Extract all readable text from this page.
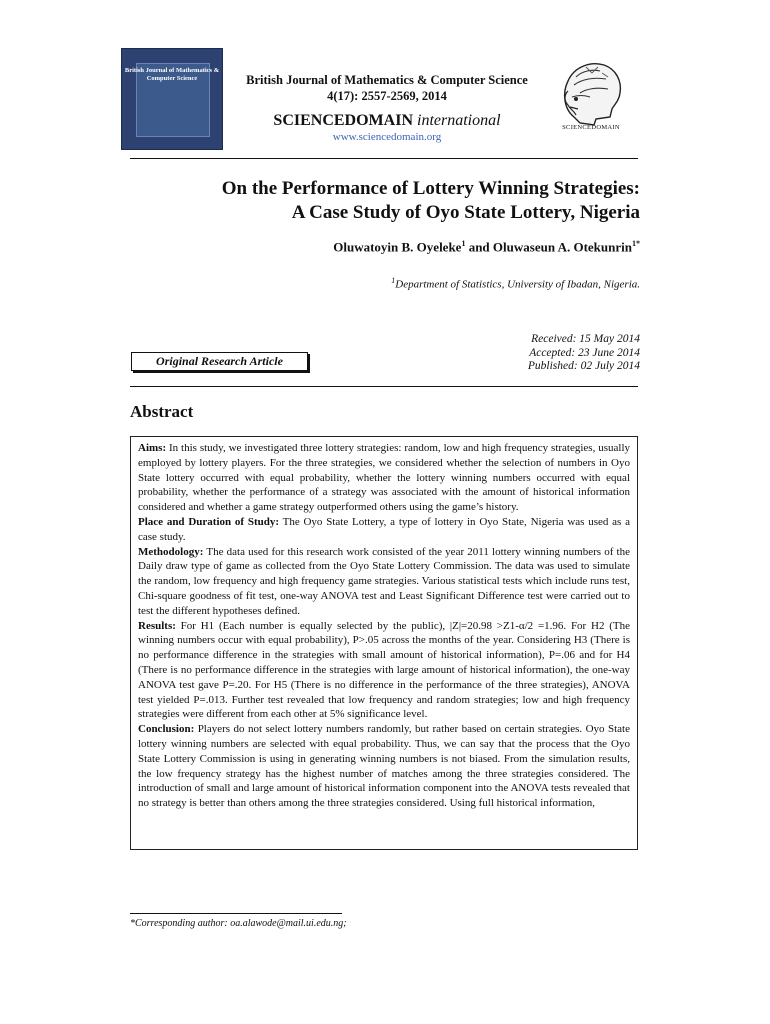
British Journal of Mathematics & Computer Science	British Journal of Mathematics & Computer Science
4(17): 2557-2569, 2014
SCIENCEDOMAIN international
www.sciencedomain.org
SCIENCEDOMAIN
On the Performance of Lottery Winning Strategies:
A Case Study of Oyo State Lottery, Nigeria
Oluwatoyin B. Oyeleke$^1$ and Oluwaseun A. Otekunrin$^{1*}$
$^1$Department of Statistics, University of Ibadan, Nigeria.
Original Research Article
Received: 15 May 2014
Accepted: 23 June 2014
Published: 02 July 2014
Abstract

Aims: In this study, we investigated three lottery strategies: random, low and high frequency strategies, usually employed by lottery players. For the three strategies, we considered whether the selection of numbers in Oyo State lottery occurred with equal probability, whether the lottery winning numbers occurred with equal probability, whether the performance of a strategy was associated with the amount of historical information considered and whether a game strategy outperformed others using the game’s history.

Place and Duration of Study: The Oyo State Lottery, a type of lottery in Oyo State, Nigeria was used as a case study.

Methodology: The data used for this research work consisted of the year 2011 lottery winning numbers of the Daily draw type of game as collected from the Oyo State Lottery Commission. The data was used to simulate the random, low frequency and high frequency game strategies. Various statistical tests which include runs test, Chi-square goodness of fit test, one-way ANOVA test and Least Significant Difference test were carried out to test the different hypotheses defined.

Results: For H1 (Each number is equally selected by the public), |Z|=20.98 >Z1-α/2 =1.96. For H2 (The winning numbers occur with equal probability), P>.05 across the months of the year. Considering H3 (There is no performance difference in the strategies with small amount of historical information), P=.06 and for H4 (There is no performance difference in the strategies with large amount of historical information), the one-way ANOVA test gave P=.20. For H5 (There is no difference in the performance of the three strategies), ANOVA test yielded P=.013. Further test revealed that low frequency and random strategies; low and high frequency strategies were different from each other at 5% significance level.

Conclusion: Players do not select lottery numbers randomly, but rather based on certain strategies. Oyo State lottery winning numbers are selected with equal probability. Thus, we can say that the process that the Oyo State Lottery Commission is using in generating winning numbers is not biased. From the simulation results, the low frequency strategy has the highest number of matches among the three strategies considered. The introduction of small and large amount of historical information component into the ANOVA tests revealed that no strategy is better than others among the three strategies considered. Using full historical information,

*Corresponding author: oa.alawode@mail.ui.edu.ng;
